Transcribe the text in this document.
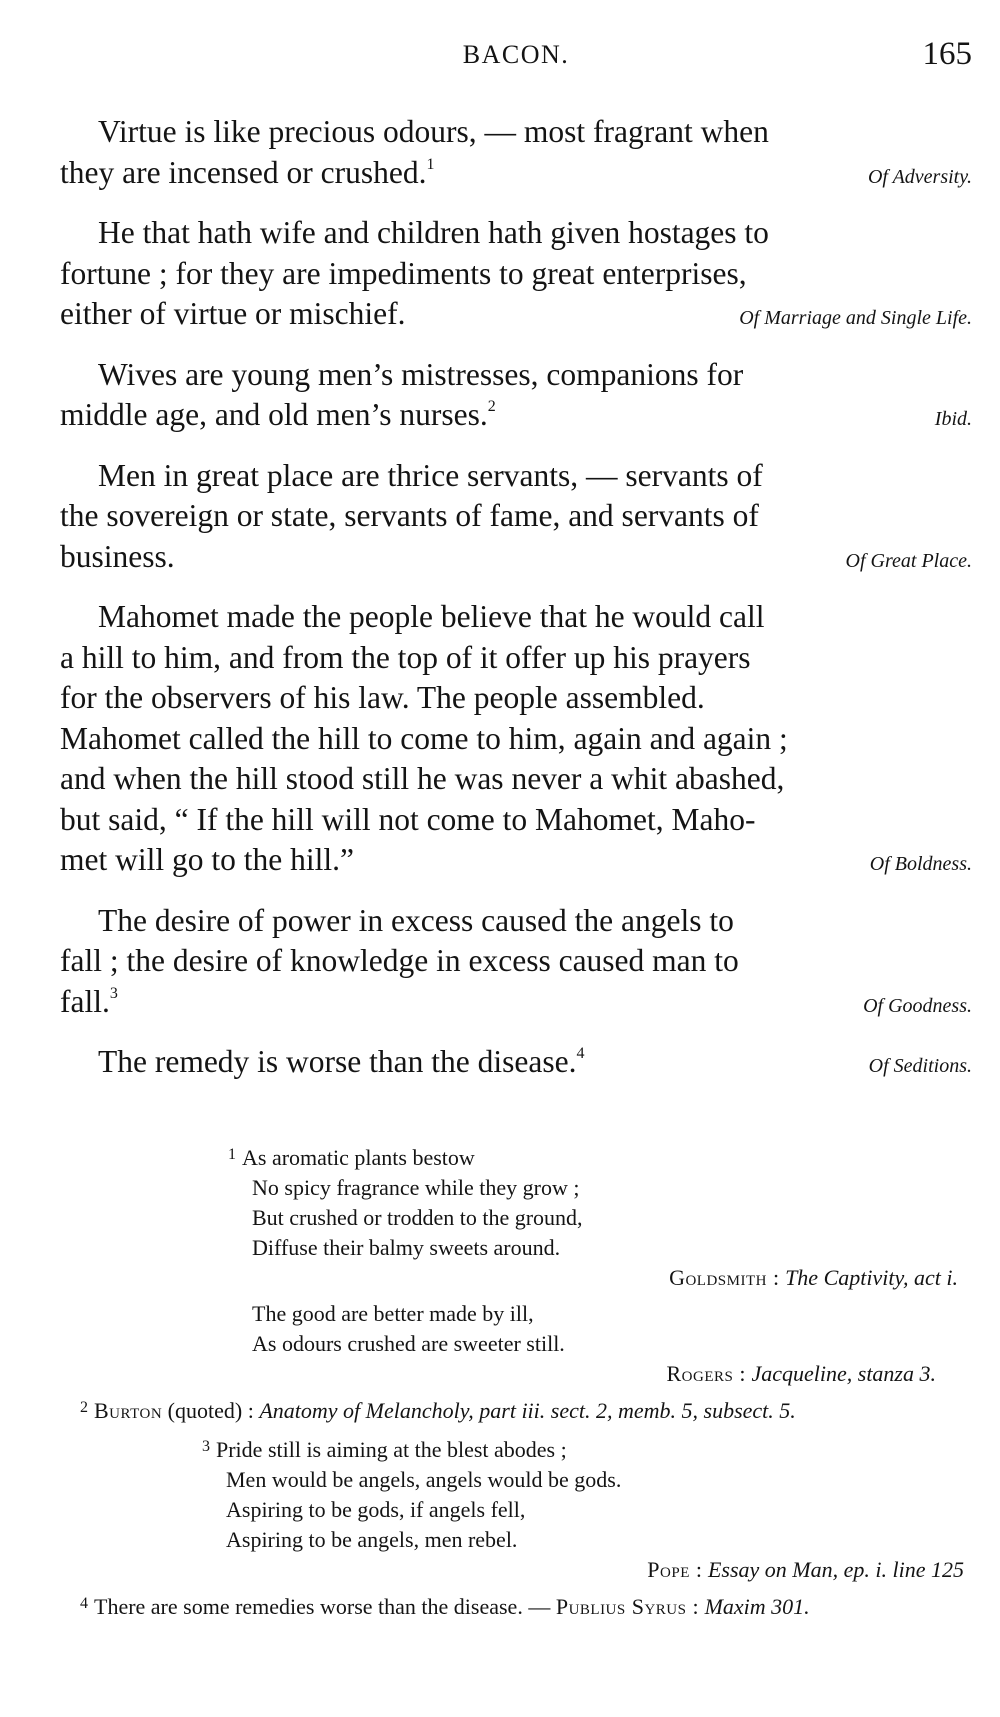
BACON.	165
Virtue is like precious odours, — most fragrant when
they are incensed or crushed.$^1$
Of Adversity.
He that hath wife and children hath given hostages to
fortune ; for they are impediments to great enterprises,
either of virtue or mischief.	Of Marriage and Single Life.
Wives are young men’s mistresses, companions for
middle age, and old men’s nurses.$^2$
Ibid.
Men in great place are thrice servants, — servants of
the sovereign or state, servants of fame, and servants of
business.	Of Great Place.
Mahomet made the people believe that he would call
a hill to him, and from the top of it offer up his prayers
for the observers of his law. The people assembled.
Mahomet called the hill to come to him, again and again ;
and when the hill stood still he was never a whit abashed,
but said, “ If the hill will not come to Mahomet, Maho-
met will go to the hill.”	Of Boldness.
The desire of power in excess caused the angels to
fall ; the desire of knowledge in excess caused man to
fall.$^3$
Of Goodness.
The remedy is worse than the disease.$^4$
Of Seditions.
$^1$ As aromatic plants bestow
No spicy fragrance while they grow ;
But crushed or trodden to the ground,
Diffuse their balmy sweets around.
Goldsmith : The Captivity, act i.
The good are better made by ill,
As odours crushed are sweeter still.
Rogers : Jacqueline, stanza 3.
$^2$ Burton (quoted) : Anatomy of Melancholy, part iii. sect. 2, memb. 5, subsect. 5.
$^3$ Pride still is aiming at the blest abodes ;
Men would be angels, angels would be gods.
Aspiring to be gods, if angels fell,
Aspiring to be angels, men rebel.
Pope : Essay on Man, ep. i. line 125
$^4$ There are some remedies worse than the disease. — Publius Syrus : Maxim 301.
